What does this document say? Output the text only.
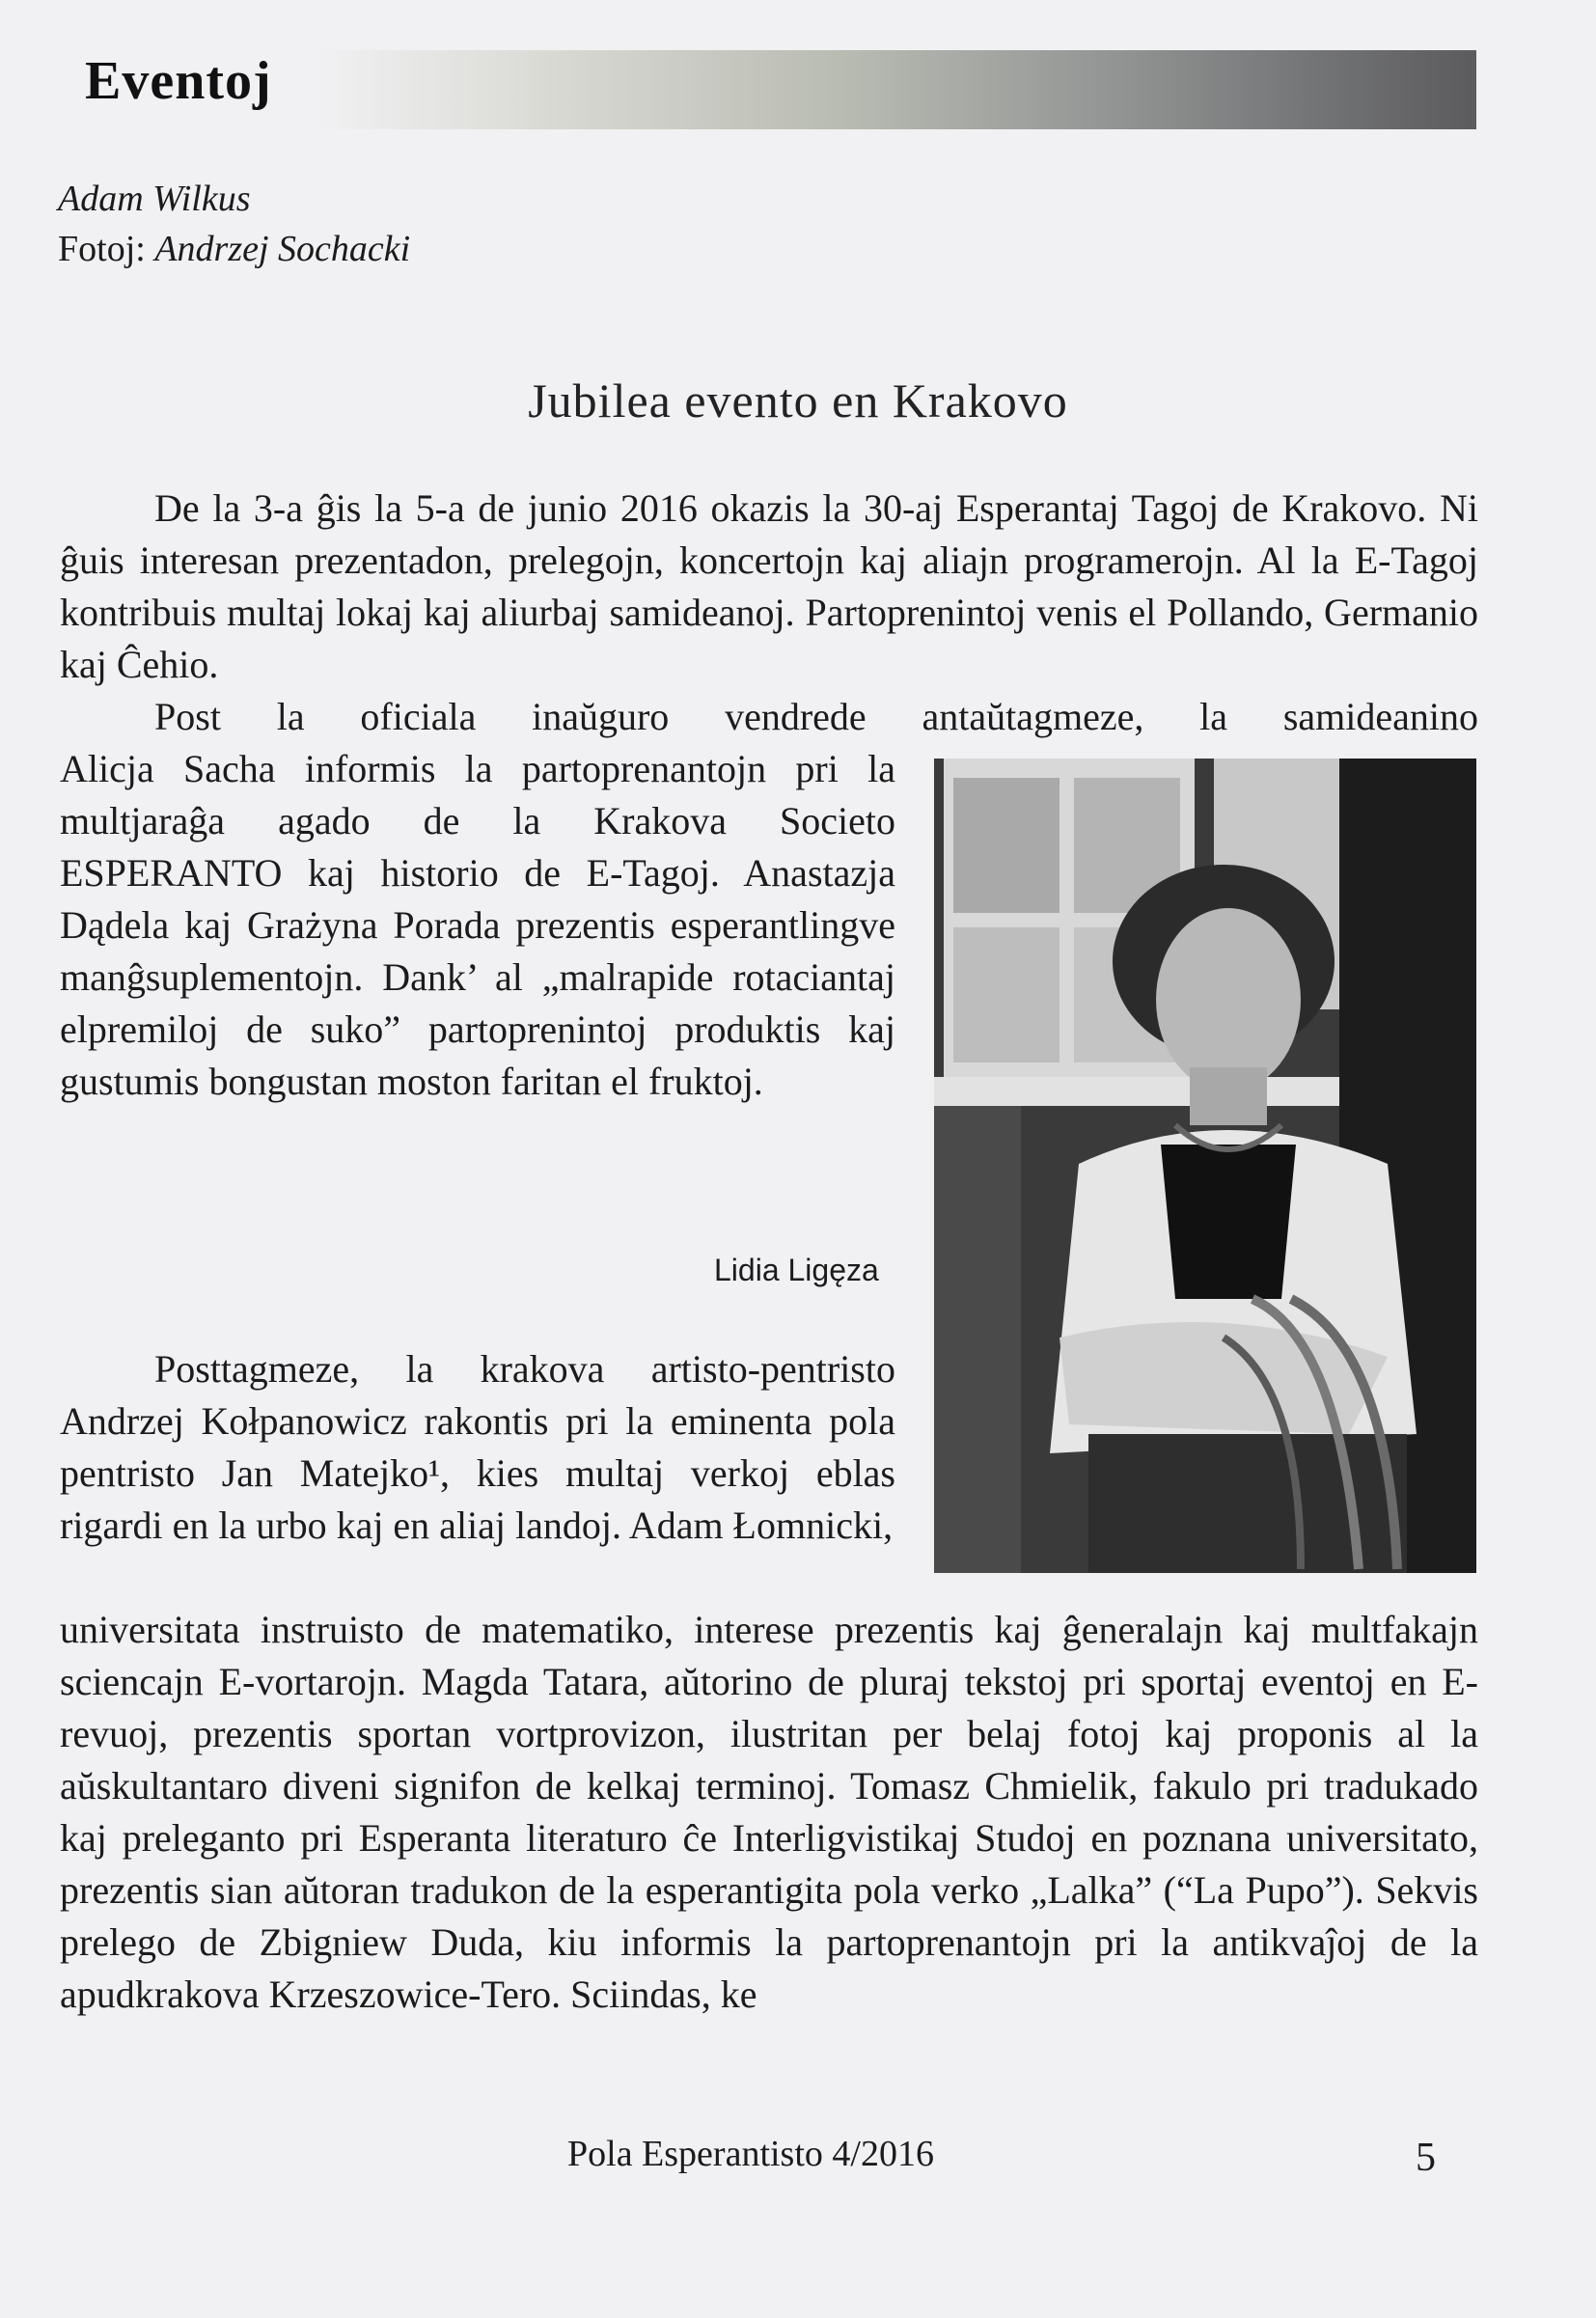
Eventoj
Adam Wilkus
Fotoj: Andrzej Sochacki
Jubilea evento en Krakovo
De la 3-a ĝis la 5-a de junio 2016 okazis la 30-aj Esperantaj Tagoj de Krakovo. Ni ĝuis interesan prezentadon, prelegojn, koncertojn kaj aliajn programerojn. Al la E-Tagoj kontribuis multaj lokaj kaj aliurbaj samideanoj. Partoprenintoj venis el Pollando, Germanio kaj Ĉehio.
Post la oficiala inaŭguro vendrede antaŭtagmeze, la samideanino

Alicja Sacha informis la partoprenantojn pri la multjaraĝa agado de la Krakova Societo ESPERANTO kaj historio de E-Tagoj. Anastazja Dądela kaj Grażyna Porada prezentis esperantlingve manĝsuplementojn. Dank’ al „malrapide rotaciantaj elpremiloj de suko” partoprenintoj produktis kaj gustumis bongustan moston faritan el fruktoj.

Lidia Ligęza

Posttagmeze, la krakova artisto-pentristo Andrzej Kołpanowicz rakontis pri la eminenta pola pentristo Jan Matejko¹, kies multaj verkoj eblas rigardi en la urbo kaj en aliaj landoj. Adam Łomnicki,

universitata instruisto de matematiko, interese prezentis kaj ĝeneralajn kaj multfakajn sciencajn E-vortarojn. Magda Tatara, aŭtorino de pluraj tekstoj pri sportaj eventoj en E-revuoj, prezentis sportan vortprovizon, ilustritan per belaj fotoj kaj proponis al la aŭskultantaro diveni signifon de kelkaj terminoj. Tomasz Chmielik, fakulo pri tradukado kaj preleganto pri Esperanta literaturo ĉe Interligvistikaj Studoj en poznana universitato, prezentis sian aŭtoran tradukon de la esperantigita pola verko „Lalka” (“La Pupo”). Sekvis prelego de Zbigniew Duda, kiu informis la partoprenantojn pri la antikvaĵoj de la apudkrakova Krzeszowice-Tero. Sciindas, ke
Pola Esperantisto 4/2016	5
